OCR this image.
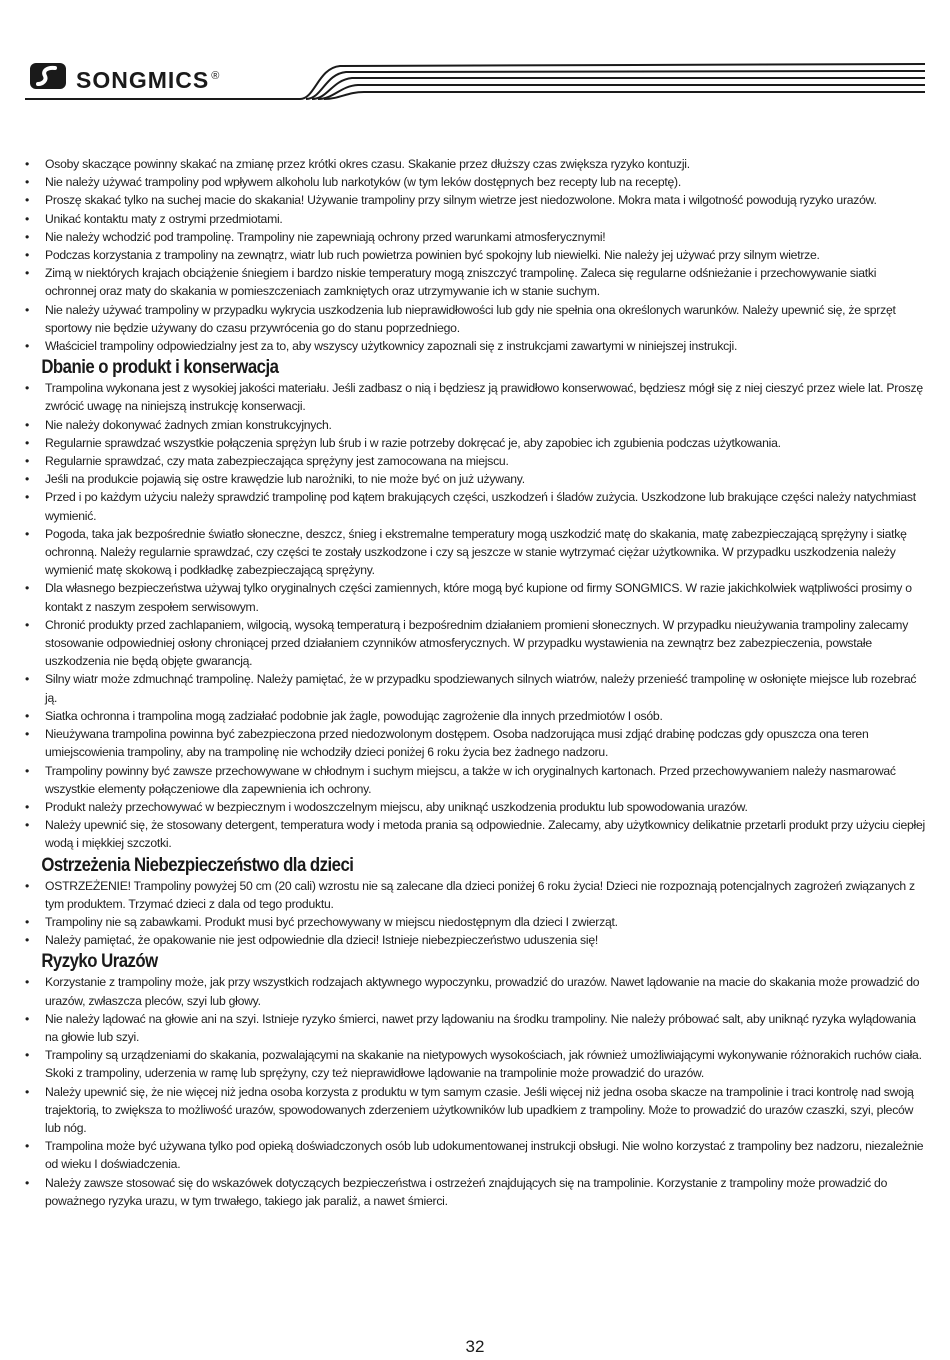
SONGMICS ®
• Osoby skaczące powinny skakać na zmianę przez krótki okres czasu. Skakanie przez dłuższy czas zwiększa ryzyko kontuzji.
• Nie należy używać trampoliny pod wpływem alkoholu lub narkotyków (w tym leków dostępnych bez recepty lub na receptę).
• Proszę skakać tylko na suchej macie do skakania! Używanie trampoliny przy silnym wietrze jest niedozwolone. Mokra mata i wilgotność powodują ryzyko urazów.
• Unikać kontaktu maty z ostrymi przedmiotami.
• Nie należy wchodzić pod trampolinę. Trampoliny nie zapewniają ochrony przed warunkami atmosferycznymi!
• Podczas korzystania z trampoliny na zewnątrz, wiatr lub ruch powietrza powinien być spokojny lub niewielki. Nie należy jej używać przy silnym wietrze.
• Zimą w niektórych krajach obciążenie śniegiem i bardzo niskie temperatury mogą zniszczyć trampolinę. Zaleca się regularne odśnieżanie i przechowywanie siatki ochronnej oraz maty do skakania w pomieszczeniach zamkniętych oraz utrzymywanie ich w stanie suchym.
• Nie należy używać trampoliny w przypadku wykrycia uszkodzenia lub nieprawidłowości lub gdy nie spełnia ona określonych warunków. Należy upewnić się, że sprzęt sportowy nie będzie używany do czasu przywrócenia go do stanu poprzedniego.
• Właściciel trampoliny odpowiedzialny jest za to, aby wszyscy użytkownicy zapoznali się z instrukcjami zawartymi w niniejszej instrukcji.
Dbanie o produkt i konserwacja
• Trampolina wykonana jest z wysokiej jakości materiału. Jeśli zadbasz o nią i będziesz ją prawidłowo konserwować, będziesz mógł się z niej cieszyć przez wiele lat. Proszę zwrócić uwagę na niniejszą instrukcję konserwacji.
• Nie należy dokonywać żadnych zmian konstrukcyjnych.
• Regularnie sprawdzać wszystkie połączenia sprężyn lub śrub i w razie potrzeby dokręcać je, aby zapobiec ich zgubienia podczas użytkowania.
• Regularnie sprawdzać, czy mata zabezpieczająca sprężyny jest zamocowana na miejscu.
• Jeśli na produkcie pojawią się ostre krawędzie lub narożniki, to nie może być on już używany.
• Przed i po każdym użyciu należy sprawdzić trampolinę pod kątem brakujących części, uszkodzeń i śladów zużycia. Uszkodzone lub brakujące części należy natychmiast wymienić.
• Pogoda, taka jak bezpośrednie światło słoneczne, deszcz, śnieg i ekstremalne temperatury mogą uszkodzić matę do skakania, matę zabezpieczającą sprężyny i siatkę ochronną. Należy regularnie sprawdzać, czy części te zostały uszkodzone i czy są jeszcze w stanie wytrzymać ciężar użytkownika. W przypadku uszkodzenia należy wymienić matę skokową i podkładkę zabezpieczającą sprężyny.
• Dla własnego bezpieczeństwa używaj tylko oryginalnych części zamiennych, które mogą być kupione od firmy SONGMICS. W razie jakichkolwiek wątpliwości prosimy o kontakt z naszym zespołem serwisowym.
• Chronić produkty przed zachlapaniem, wilgocią, wysoką temperaturą i bezpośrednim działaniem promieni słonecznych. W przypadku nieużywania trampoliny zalecamy stosowanie odpowiedniej osłony chroniącej przed działaniem czynników atmosferycznych. W przypadku wystawienia na zewnątrz bez zabezpieczenia, powstałe uszkodzenia nie będą objęte gwarancją.
• Silny wiatr może zdmuchnąć trampolinę. Należy pamiętać, że w przypadku spodziewanych silnych wiatrów, należy przenieść trampolinę w osłonięte miejsce lub rozebrać ją.
• Siatka ochronna i trampolina mogą zadziałać podobnie jak żagle, powodując zagrożenie dla innych przedmiotów I osób.
• Nieużywana trampolina powinna być zabezpieczona przed niedozwolonym dostępem. Osoba nadzorująca musi zdjąć drabinę podczas gdy opuszcza ona teren umiejscowienia trampoliny, aby na trampolinę nie wchodziły dzieci poniżej 6 roku życia bez żadnego nadzoru.
• Trampoliny powinny być zawsze przechowywane w chłodnym i suchym miejscu, a także w ich oryginalnych kartonach. Przed przechowywaniem należy nasmarować wszystkie elementy połączeniowe dla zapewnienia ich ochrony.
• Produkt należy przechowywać w bezpiecznym i wodoszczelnym miejscu, aby uniknąć uszkodzenia produktu lub spowodowania urazów.
• Należy upewnić się, że stosowany detergent, temperatura wody i metoda prania są odpowiednie. Zalecamy, aby użytkownicy delikatnie przetarli produkt przy użyciu ciepłej wodą i miękkiej szczotki.
Ostrzeżenia Niebezpieczeństwo dla dzieci
• OSTRZEŻENIE! Trampoliny powyżej 50 cm (20 cali) wzrostu nie są zalecane dla dzieci poniżej 6 roku życia! Dzieci nie rozpoznają potencjalnych zagrożeń związanych z tym produktem. Trzymać dzieci z dala od tego produktu.
• Trampoliny nie są zabawkami. Produkt musi być przechowywany w miejscu niedostępnym dla dzieci I zwierząt.
• Należy pamiętać, że opakowanie nie jest odpowiednie dla dzieci! Istnieje niebezpieczeństwo uduszenia się!
Ryzyko Urazów
• Korzystanie z trampoliny może, jak przy wszystkich rodzajach aktywnego wypoczynku, prowadzić do urazów. Nawet lądowanie na macie do skakania może prowadzić do urazów, zwłaszcza pleców, szyi lub głowy.
• Nie należy lądować na głowie ani na szyi. Istnieje ryzyko śmierci, nawet przy lądowaniu na środku trampoliny. Nie należy próbować salt, aby uniknąć ryzyka wylądowania na głowie lub szyi.
• Trampoliny są urządzeniami do skakania, pozwalającymi na skakanie na nietypowych wysokościach, jak również umożliwiającymi wykonywanie różnorakich ruchów ciała. Skoki z trampoliny, uderzenia w ramę lub sprężyny, czy też nieprawidłowe lądowanie na trampolinie może prowadzić do urazów.
• Należy upewnić się, że nie więcej niż jedna osoba korzysta z produktu w tym samym czasie. Jeśli więcej niż jedna osoba skacze na trampolinie i traci kontrolę nad swoją trajektorią, to zwiększa to możliwość urazów, spowodowanych zderzeniem użytkowników lub upadkiem z trampoliny. Może to prowadzić do urazów czaszki, szyi, pleców lub nóg.
• Trampolina może być używana tylko pod opieką doświadczonych osób lub udokumentowanej instrukcji obsługi. Nie wolno korzystać z trampoliny bez nadzoru, niezależnie od wieku I doświadczenia.
• Należy zawsze stosować się do wskazówek dotyczących bezpieczeństwa i ostrzeżeń znajdujących się na trampolinie. Korzystanie z trampoliny może prowadzić do poważnego ryzyka urazu, w tym trwałego, takiego jak paraliż, a nawet śmierci.
32
